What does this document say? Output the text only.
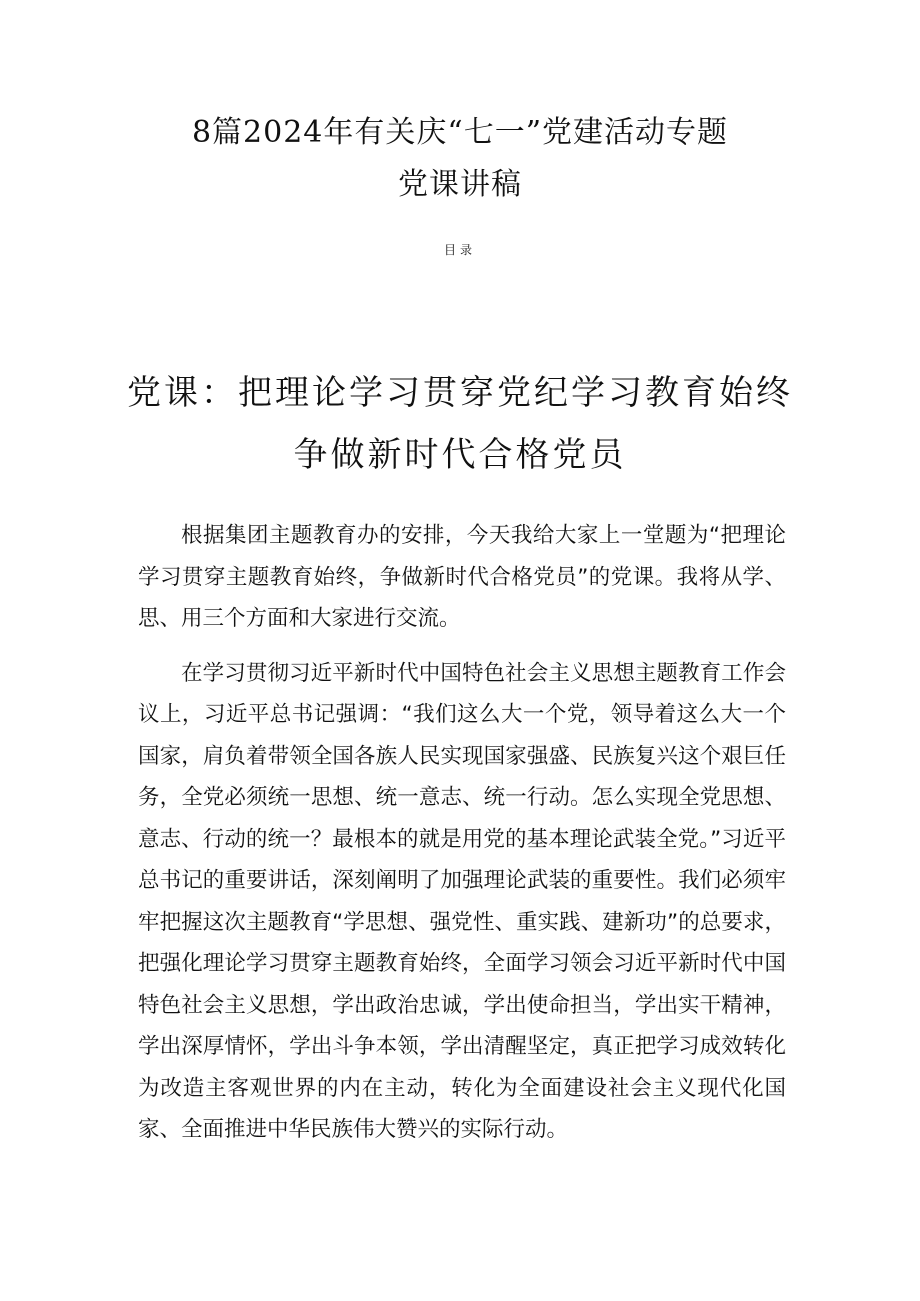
8篇2024年有关庆“七一”党建活动专题
党课讲稿
目录
党课：把理论学习贯穿党纪学习教育始终
争做新时代合格党员

根据集团主题教育办的安排，今天我给大家上一堂题为“把理论学习贯穿主题教育始终，争做新时代合格党员”的党课。我将从学、思、用三个方面和大家进行交流。

在学习贯彻习近平新时代中国特色社会主义思想主题教育工作会议上，习近平总书记强调：“我们这么大一个党，领导着这么大一个国家，肩负着带领全国各族人民实现国家强盛、民族复兴这个艰巨任务，全党必须统一思想、统一意志、统一行动。怎么实现全党思想、意志、行动的统一？最根本的就是用党的基本理论武装全党。”习近平总书记的重要讲话，深刻阐明了加强理论武装的重要性。我们必须牢牢把握这次主题教育“学思想、强党性、重实践、建新功”的总要求，把强化理论学习贯穿主题教育始终，全面学习领会习近平新时代中国特色社会主义思想，学出政治忠诚，学出使命担当，学出实干精神，学出深厚情怀，学出斗争本领，学出清醒坚定，真正把学习成效转化为改造主客观世界的内在主动，转化为全面建设社会主义现代化国家、全面推进中华民族伟大赞兴的实际行动。
